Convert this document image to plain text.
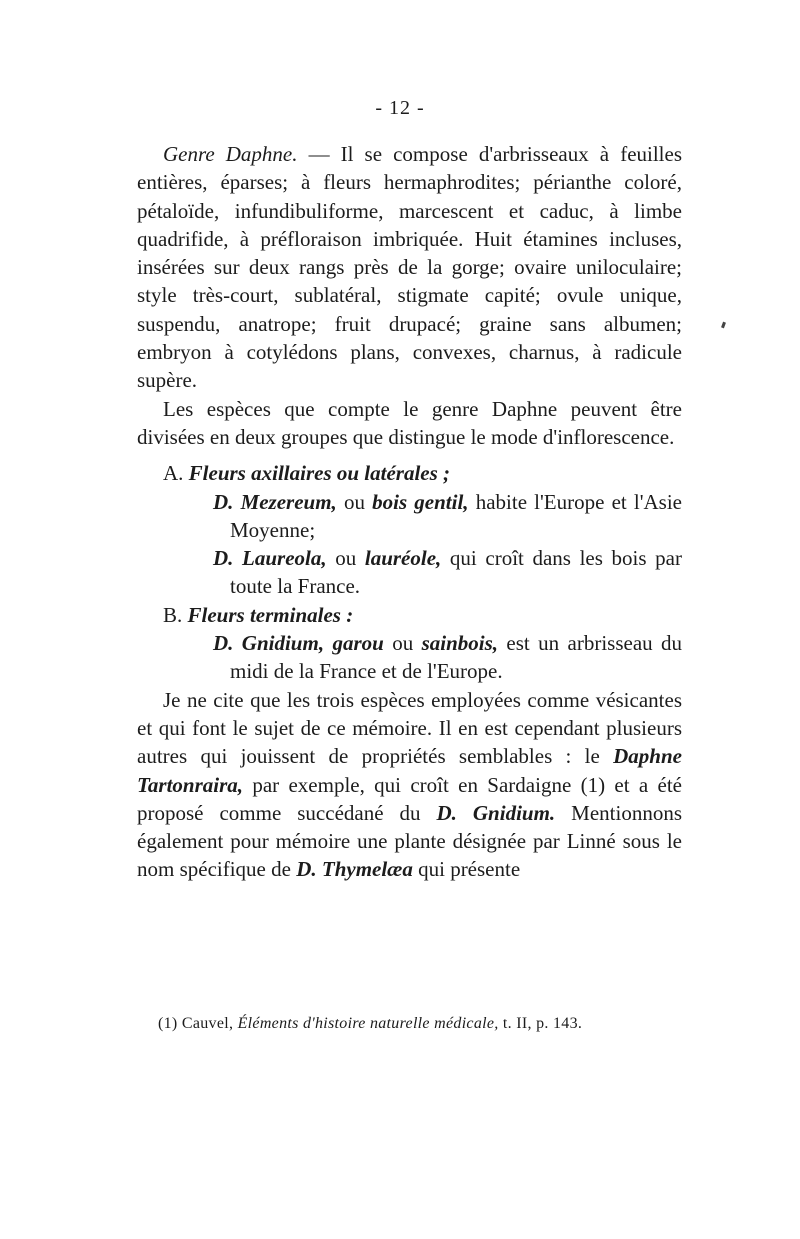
- 12 -

Genre Daphne. — Il se compose d'arbrisseaux à feuilles entières, éparses; à fleurs hermaphrodites; périanthe coloré, pétaloïde, infundibuliforme, marcescent et caduc, à limbe quadrifide, à préfloraison imbriquée. Huit étamines incluses, insérées sur deux rangs près de la gorge; ovaire uniloculaire; style très-court, sublatéral, stigmate capité; ovule unique, suspendu, anatrope; fruit drupacé; graine sans albumen; embryon à cotylédons plans, convexes, charnus, à radicule supère.

Les espèces que compte le genre Daphne peuvent être divisées en deux groupes que distingue le mode d'inflorescence.

A. Fleurs axillaires ou latérales ;

D. Mezereum, ou bois gentil, habite l'Europe et l'Asie Moyenne;

D. Laureola, ou lauréole, qui croît dans les bois par toute la France.

B. Fleurs terminales :

D. Gnidium, garou ou sainbois, est un arbrisseau du midi de la France et de l'Europe.

Je ne cite que les trois espèces employées comme vésicantes et qui font le sujet de ce mémoire. Il en est cependant plusieurs autres qui jouissent de propriétés semblables : le Daphne Tartonraira, par exemple, qui croît en Sardaigne (1) et a été proposé comme succédané du D. Gnidium. Mentionnons également pour mémoire une plante désignée par Linné sous le nom spécifique de D. Thymelæa qui présente

(1) Cauvel, Éléments d'histoire naturelle médicale, t. II, p. 143.
